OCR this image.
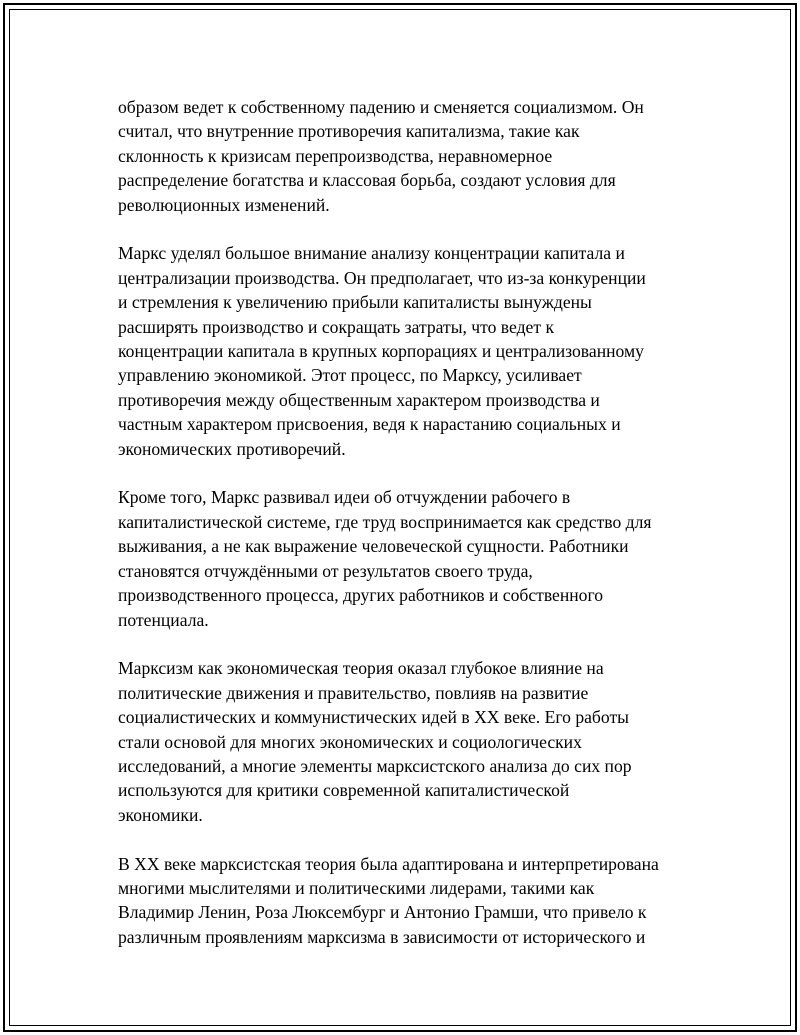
образом ведет к собственному падению и сменяется социализмом. Он
считал, что внутренние противоречия капитализма, такие как
склонность к кризисам перепроизводства, неравномерное
распределение богатства и классовая борьба, создают условия для
революционных изменений.

Маркс уделял большое внимание анализу концентрации капитала и
централизации производства. Он предполагает, что из-за конкуренции
и стремления к увеличению прибыли капиталисты вынуждены
расширять производство и сокращать затраты, что ведет к
концентрации капитала в крупных корпорациях и централизованному
управлению экономикой. Этот процесс, по Марксу, усиливает
противоречия между общественным характером производства и
частным характером присвоения, ведя к нарастанию социальных и
экономических противоречий.

Кроме того, Маркс развивал идеи об отчуждении рабочего в
капиталистической системе, где труд воспринимается как средство для
выживания, а не как выражение человеческой сущности. Работники
становятся отчуждёнными от результатов своего труда,
производственного процесса, других работников и собственного
потенциала.

Марксизм как экономическая теория оказал глубокое влияние на
политические движения и правительство, повлияв на развитие
социалистических и коммунистических идей в XX веке. Его работы
стали основой для многих экономических и социологических
исследований, а многие элементы марксистского анализа до сих пор
используются для критики современной капиталистической
экономики.

В XX веке марксистская теория была адаптирована и интерпретирована
многими мыслителями и политическими лидерами, такими как
Владимир Ленин, Роза Люксембург и Антонио Грамши, что привело к
различным проявлениям марксизма в зависимости от исторического и
